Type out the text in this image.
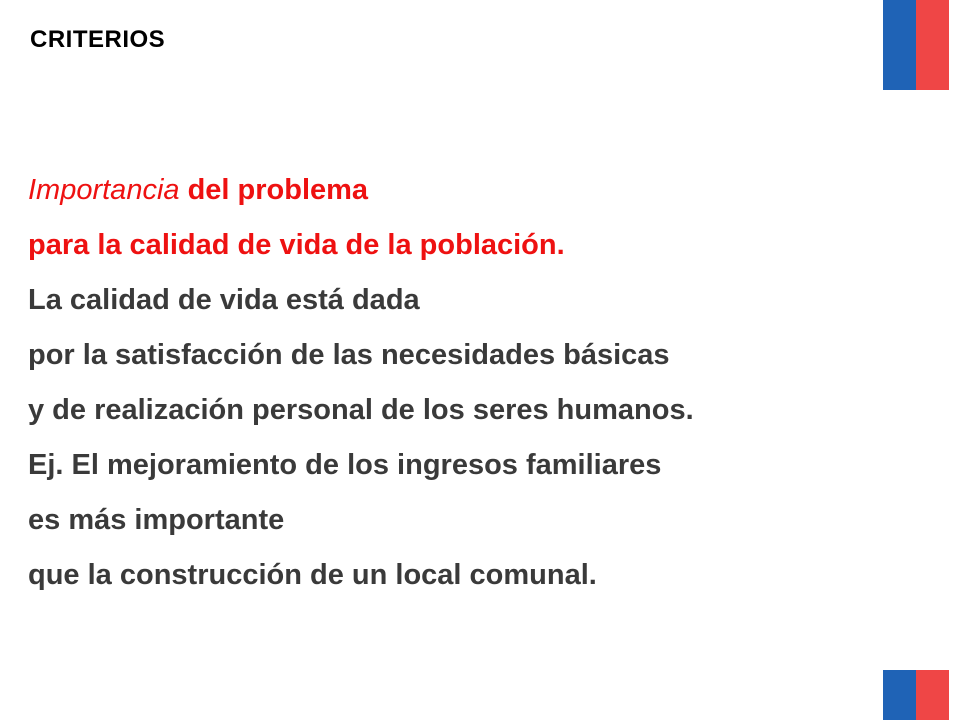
CRITERIOS
Importancia del problema
para la calidad de vida de la población.
La calidad de vida está dada
por la satisfacción de las necesidades básicas
y de realización personal de los seres humanos.
Ej. El mejoramiento de los ingresos familiares
es más importante
que la construcción de un local comunal.
